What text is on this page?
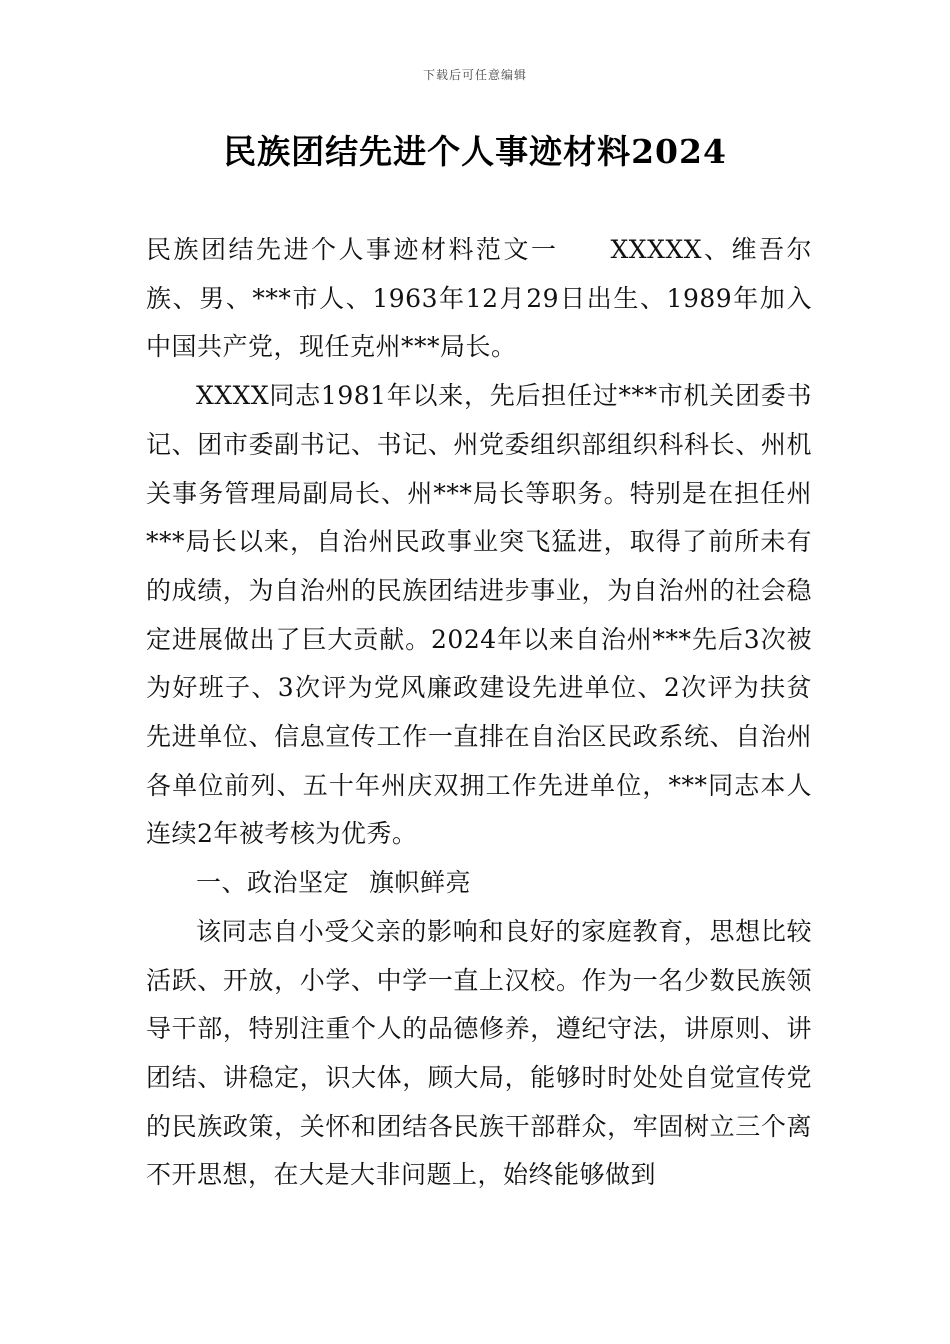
下载后可任意编辑
民族团结先进个人事迹材料2024

民族团结先进个人事迹材料范文一 XXXXX、维吾尔族、男、***市人、1963年12月29日出生、1989年加入中国共产党，现任克州***局长。

XXXX同志1981年以来，先后担任过***市机关团委书记、团市委副书记、书记、州党委组织部组织科科长、州机关事务管理局副局长、州***局长等职务。特别是在担任州***局长以来，自治州民政事业突飞猛进，取得了前所未有的成绩，为自治州的民族团结进步事业，为自治州的社会稳定进展做出了巨大贡献。2024年以来自治州***先后3次被为好班子、3次评为党风廉政建设先进单位、2次评为扶贫先进单位、信息宣传工作一直排在自治区民政系统、自治州各单位前列、五十年州庆双拥工作先进单位，***同志本人连续2年被考核为优秀。

一、政治坚定 旗帜鲜亮

该同志自小受父亲的影响和良好的家庭教育，思想比较活跃、开放，小学、中学一直上汉校。作为一名少数民族领导干部，特别注重个人的品德修养，遵纪守法，讲原则、讲团结、讲稳定，识大体，顾大局，能够时时处处自觉宣传党的民族政策，关怀和团结各民族干部群众，牢固树立三个离不开思想，在大是大非问题上，始终能够做到
